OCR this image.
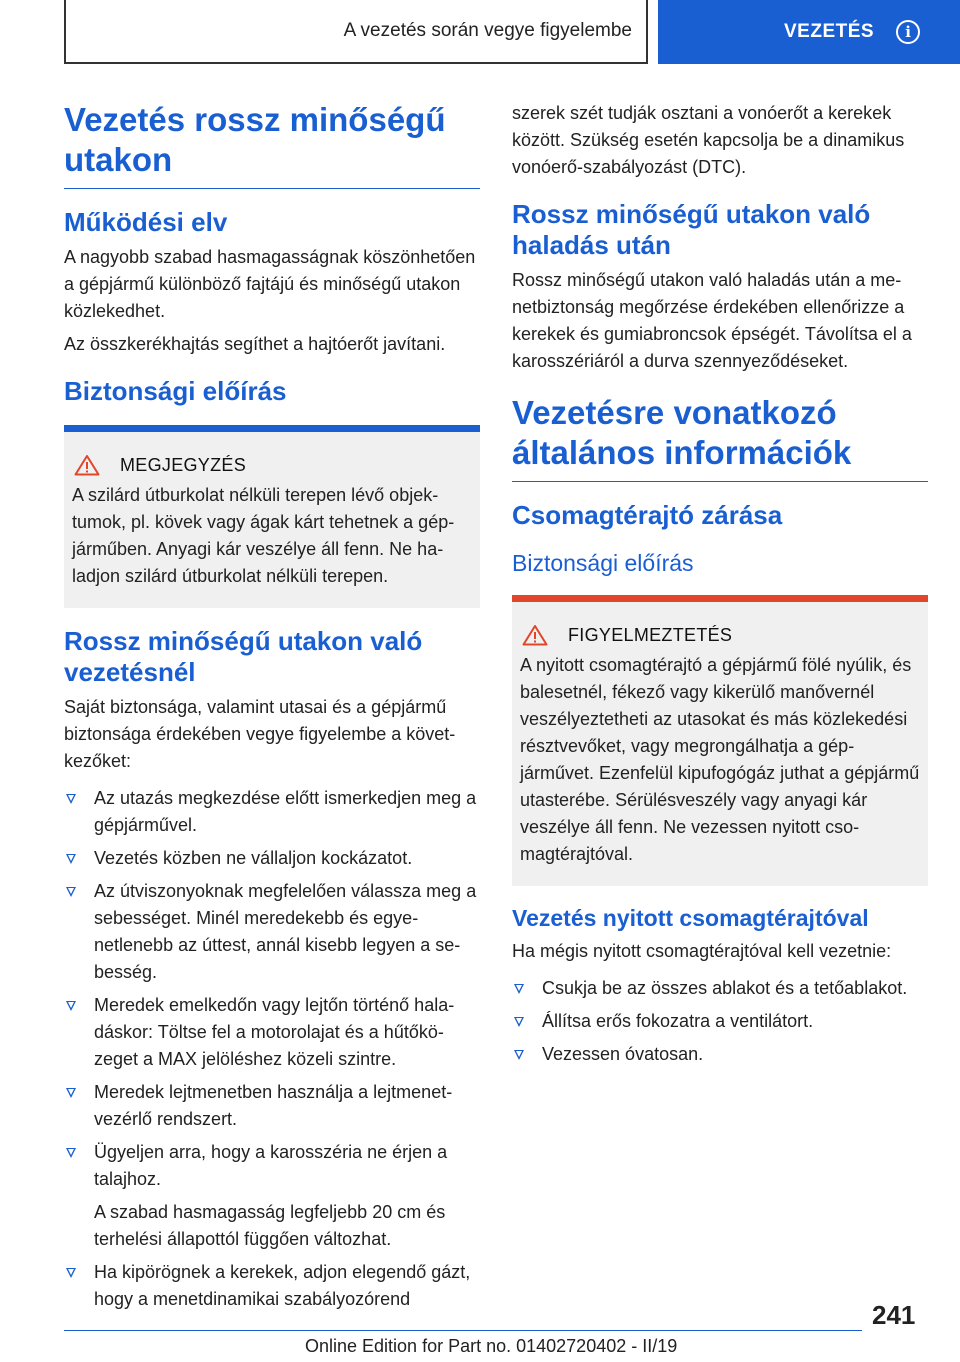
A vezetés során vegye figyelembe	VEZETÉS i
Vezetés rossz minőségű utakon
Működési elv

A nagyobb szabad hasmagasságnak köszönhetően a gépjármű különböző fajtájú és minőségű utakon közlekedhet.

Az összkerékhajtás segíthet a hajtóerőt javítani.

Biztonsági előírás
MEGJEGYZÉS

A szilárd útburkolat nélküli terepen lévő objektumok, pl. kövek vagy ágak kárt tehetnek a gépjárműben. Anyagi kár veszélye áll fenn. Ne haladjon szilárd útburkolat nélküli terepen.

Rossz minőségű utakon való vezetésnél

Saját biztonsága, valamint utasai és a gépjármű biztonsága érdekében vegye figyelembe a következőket:

Az utazás megkezdése előtt ismerkedjen meg a gépjárművel.
Vezetés közben ne vállaljon kockázatot.
Az útviszonyoknak megfelelően válassza meg a sebességet. Minél meredekebb és egyenetlenebb az úttest, annál kisebb legyen a sebesség.
Meredek emelkedőn vagy lejtőn történő haladáskor: Töltse fel a motorolajat és a hűtőközeget a MAX jelöléshez közeli szintre.
Meredek lejtmenetben használja a lejtmenetvezérlő rendszert.
Ügyeljen arra, hogy a karosszéria ne érjen a talajhoz.
A szabad hasmagasság legfeljebb 20 cm és terhelési állapottól függően változhat.
Ha kipörögnek a kerekek, adjon elegendő gázt, hogy a menetdinamikai szabályozórend

szerek szét tudják osztani a vonóerőt a kerekek között. Szükség esetén kapcsolja be a dinamikus vonóerő-szabályozást (DTC).

Rossz minőségű utakon való haladás után

Rossz minőségű utakon való haladás után a menetbiztonság megőrzése érdekében ellenőrizze a kerekek és gumiabroncsok épségét. Távolítsa el a karosszériáról a durva szennyeződéseket.

Vezetésre vonatkozó általános információk
Csomagtérajtó zárása
Biztonsági előírás
FIGYELMEZTETÉS

A nyitott csomagtérajtó a gépjármű fölé nyúlik, és balesetnél, fékező vagy kikerülő manővernél veszélyeztetheti az utasokat és más közlekedési résztvevőket, vagy megrongálhatja a gépjárművet. Ezenfelül kipufogógáz juthat a gépjármű utasterébe. Sérülésveszély vagy anyagi kár veszélye áll fenn. Ne vezessen nyitott csomagtérajtóval.

Vezetés nyitott csomagtérajtóval

Ha mégis nyitott csomagtérajtóval kell vezetnie:

Csukja be az összes ablakot és a tetőablakot.
Állítsa erős fokozatra a ventilátort.
Vezessen óvatosan.
241
Online Edition for Part no. 01402720402 - II/19
